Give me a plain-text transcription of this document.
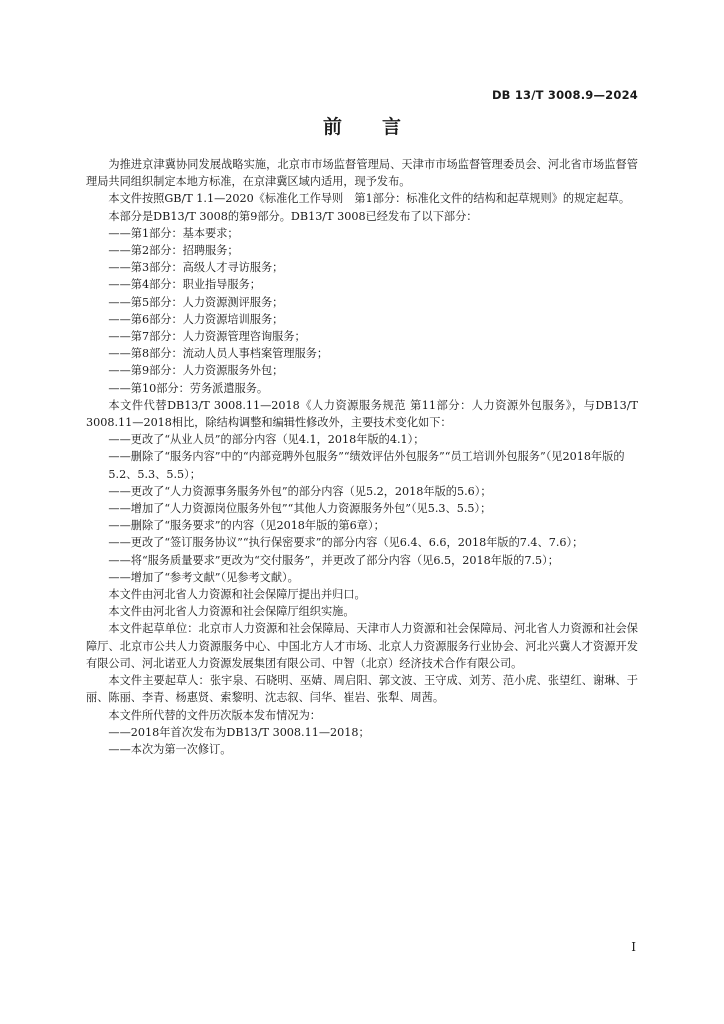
DB 13/T 3008.9—2024
前言

为推进京津冀协同发展战略实施，北京市市场监督管理局、天津市市场监督管理委员会、河北省市场监督管理局共同组织制定本地方标准，在京津冀区域内适用，现予发布。

本文件按照GB/T 1.1—2020《标准化工作导则　第1部分：标准化文件的结构和起草规则》的规定起草。

本部分是DB13/T 3008的第9部分。DB13/T 3008已经发布了以下部分：

——第1部分：基本要求；

——第2部分：招聘服务；

——第3部分：高级人才寻访服务；

——第4部分：职业指导服务；

——第5部分：人力资源测评服务；

——第6部分：人力资源培训服务；

——第7部分：人力资源管理咨询服务；

——第8部分：流动人员人事档案管理服务；

——第9部分：人力资源服务外包；

——第10部分：劳务派遣服务。

本文件代替DB13/T 3008.11—2018《人力资源服务规范 第11部分：人力资源外包服务》，与DB13/T 3008.11—2018相比，除结构调整和编辑性修改外，主要技术变化如下：

——更改了“从业人员”的部分内容（见4.1，2018年版的4.1）；

——删除了“服务内容”中的“内部竞聘外包服务”“绩效评估外包服务”“员工培训外包服务”（见2018年版的5.2、5.3、5.5）；

——更改了“人力资源事务服务外包”的部分内容（见5.2，2018年版的5.6）；

——增加了“人力资源岗位服务外包”“其他人力资源服务外包”（见5.3、5.5）；

——删除了“服务要求”的内容（见2018年版的第6章）；

——更改了“签订服务协议”“执行保密要求”的部分内容（见6.4、6.6，2018年版的7.4、7.6）；

——将“服务质量要求”更改为“交付服务”，并更改了部分内容（见6.5，2018年版的7.5）；

——增加了“参考文献”（见参考文献）。

本文件由河北省人力资源和社会保障厅提出并归口。

本文件由河北省人力资源和社会保障厅组织实施。

本文件起草单位：北京市人力资源和社会保障局、天津市人力资源和社会保障局、河北省人力资源和社会保障厅、北京市公共人力资源服务中心、中国北方人才市场、北京人力资源服务行业协会、河北兴冀人才资源开发有限公司、河北诺亚人力资源发展集团有限公司、中智（北京）经济技术合作有限公司。

本文件主要起草人：张宇泉、石晓明、巫婧、周启阳、郭文波、王守成、刘芳、范小虎、张望红、谢琳、于丽、陈丽、李青、杨惠贤、索黎明、沈志叙、闫华、崔岩、张犁、周茜。

本文件所代替的文件历次版本发布情况为：

——2018年首次发布为DB13/T 3008.11—2018；

——本次为第一次修订。

I
